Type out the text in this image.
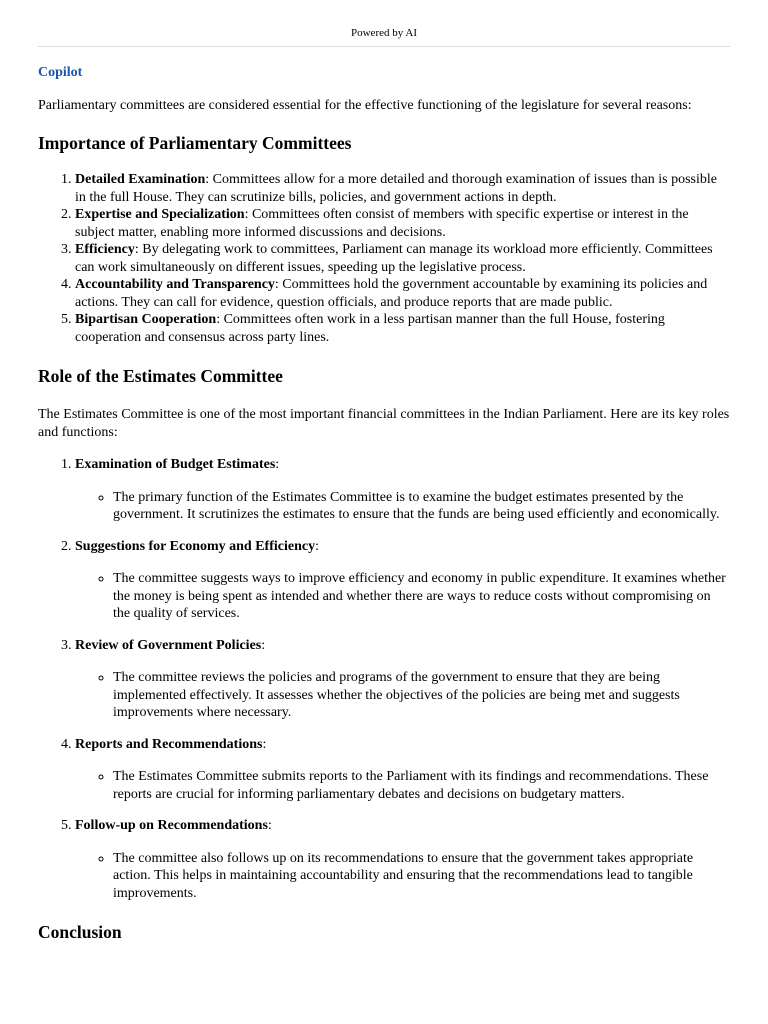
Powered by AI
Copilot

Parliamentary committees are considered essential for the effective functioning of the legislature for several reasons:

Importance of Parliamentary Committees
1. Detailed Examination: Committees allow for a more detailed and thorough examination of issues than is possible in the full House. They can scrutinize bills, policies, and government actions in depth.
2. Expertise and Specialization: Committees often consist of members with specific expertise or interest in the subject matter, enabling more informed discussions and decisions.
3. Efficiency: By delegating work to committees, Parliament can manage its workload more efficiently. Committees can work simultaneously on different issues, speeding up the legislative process.
4. Accountability and Transparency: Committees hold the government accountable by examining its policies and actions. They can call for evidence, question officials, and produce reports that are made public.
5. Bipartisan Cooperation: Committees often work in a less partisan manner than the full House, fostering cooperation and consensus across party lines.
Role of the Estimates Committee

The Estimates Committee is one of the most important financial committees in the Indian Parliament. Here are its key roles and functions:

1. Examination of Budget Estimates:
◦ The primary function of the Estimates Committee is to examine the budget estimates presented by the government. It scrutinizes the estimates to ensure that the funds are being used efficiently and economically.
2. Suggestions for Economy and Efficiency:
◦ The committee suggests ways to improve efficiency and economy in public expenditure. It examines whether the money is being spent as intended and whether there are ways to reduce costs without compromising on the quality of services.
3. Review of Government Policies:
◦ The committee reviews the policies and programs of the government to ensure that they are being implemented effectively. It assesses whether the objectives of the policies are being met and suggests improvements where necessary.
4. Reports and Recommendations:
◦ The Estimates Committee submits reports to the Parliament with its findings and recommendations. These reports are crucial for informing parliamentary debates and decisions on budgetary matters.
5. Follow-up on Recommendations:
◦ The committee also follows up on its recommendations to ensure that the government takes appropriate action. This helps in maintaining accountability and ensuring that the recommendations lead to tangible improvements.
Conclusion
